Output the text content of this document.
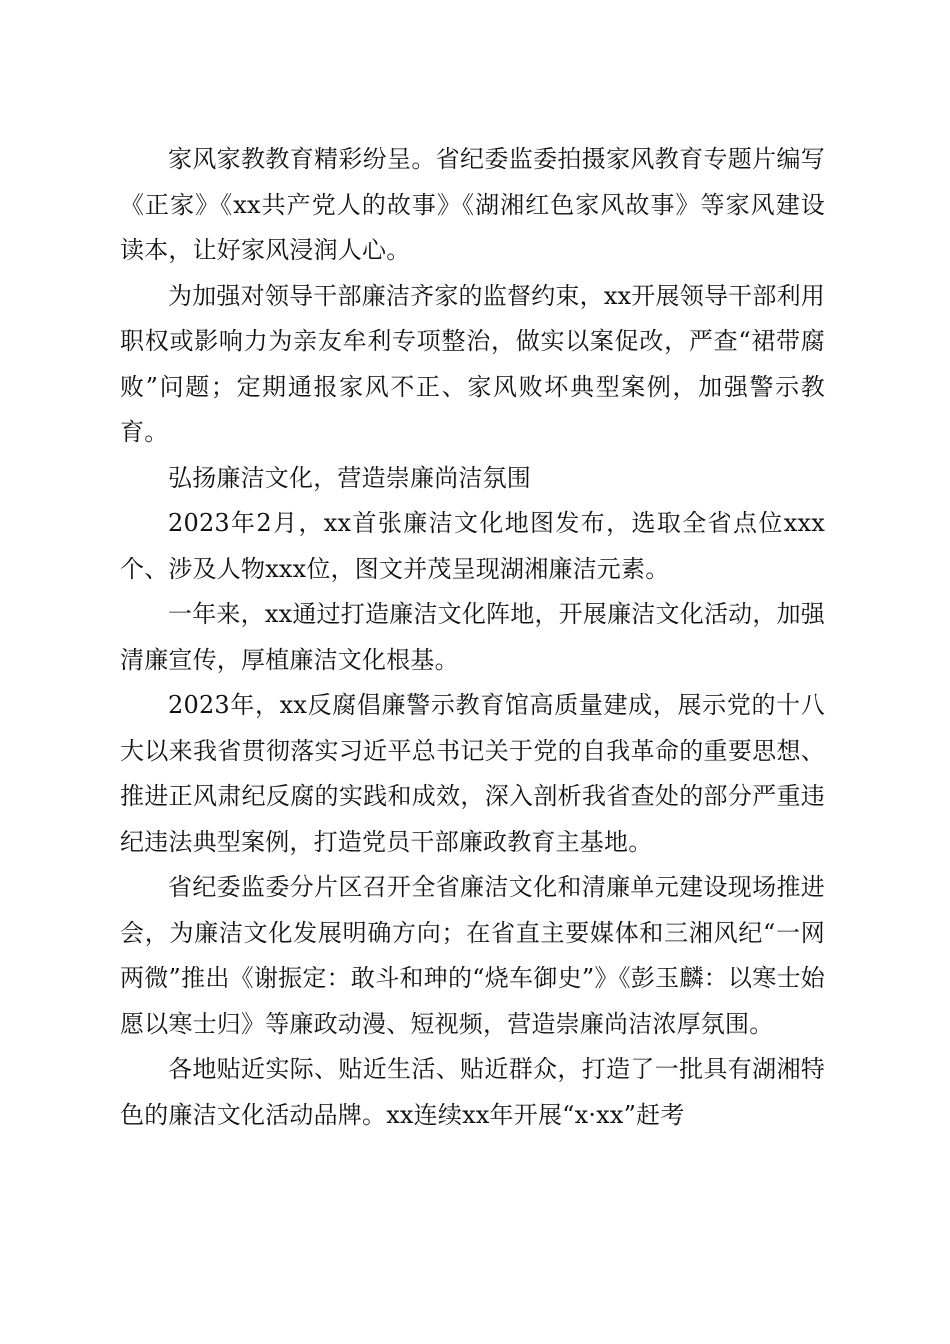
家风家教教育精彩纷呈。省纪委监委拍摄家风教育专题片编写《正家》《xx共产党人的故事》《湖湘红色家风故事》等家风建设读本，让好家风浸润人心。

为加强对领导干部廉洁齐家的监督约束，xx开展领导干部利用职权或影响力为亲友牟利专项整治，做实以案促改，严查“裙带腐败”问题；定期通报家风不正、家风败坏典型案例，加强警示教育。

弘扬廉洁文化，营造崇廉尚洁氛围

2023年2月，xx首张廉洁文化地图发布，选取全省点位xxx个、涉及人物xxx位，图文并茂呈现湖湘廉洁元素。

一年来，xx通过打造廉洁文化阵地，开展廉洁文化活动，加强清廉宣传，厚植廉洁文化根基。

2023年，xx反腐倡廉警示教育馆高质量建成，展示党的十八大以来我省贯彻落实习近平总书记关于党的自我革命的重要思想、推进正风肃纪反腐的实践和成效，深入剖析我省查处的部分严重违纪违法典型案例，打造党员干部廉政教育主基地。

省纪委监委分片区召开全省廉洁文化和清廉单元建设现场推进会，为廉洁文化发展明确方向；在省直主要媒体和三湘风纪“一网两微”推出《谢振定：敢斗和珅的“烧车御史”》《彭玉麟：以寒士始愿以寒士归》等廉政动漫、短视频，营造崇廉尚洁浓厚氛围。

各地贴近实际、贴近生活、贴近群众，打造了一批具有湖湘特色的廉洁文化活动品牌。xx连续xx年开展“x·xx”赶考
